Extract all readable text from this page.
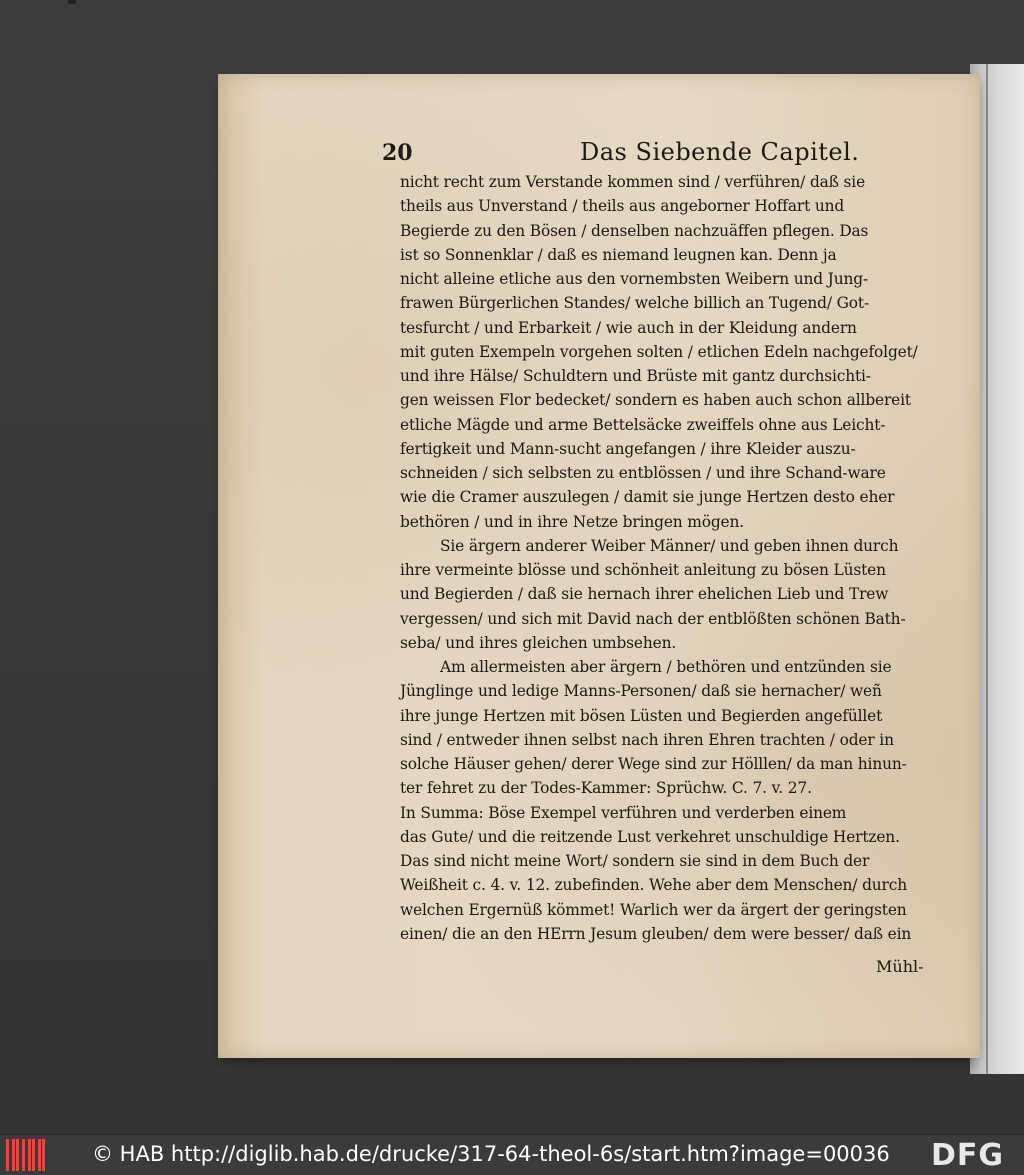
20	Das Siebende Capitel.
nicht recht zum Verstande kommen sind / verführen/ daß sie
theils aus Unverstand / theils aus angeborner Hoffart und
Begierde zu den Bösen / denselben nachzuäffen pflegen. Das
ist so Sonnenklar / daß es niemand leugnen kan. Denn ja
nicht alleine etliche aus den vornembsten Weibern und Jung-
frawen Bürgerlichen Standes/ welche billich an Tugend/ Got-
tesfurcht / und Erbarkeit / wie auch in der Kleidung andern
mit guten Exempeln vorgehen solten / etlichen Edeln nachgefolget/
und ihre Hälse/ Schuldtern und Brüste mit gantz durchsichti-
gen weissen Flor bedecket/ sondern es haben auch schon allbereit
etliche Mägde und arme Bettelsäcke zweiffels ohne aus Leicht-
fertigkeit und Mann-sucht angefangen / ihre Kleider auszu-
schneiden / sich selbsten zu entblössen / und ihre Schand-ware
wie die Cramer auszulegen / damit sie junge Hertzen desto eher
bethören / und in ihre Netze bringen mögen.
Sie ärgern anderer Weiber Männer/ und geben ihnen durch
ihre vermeinte blösse und schönheit anleitung zu bösen Lüsten
und Begierden / daß sie hernach ihrer ehelichen Lieb und Trew
vergessen/ und sich mit David nach der entblößten schönen Bath-
seba/ und ihres gleichen umbsehen.
Am allermeisten aber ärgern / bethören und entzünden sie
Jünglinge und ledige Manns-Personen/ daß sie hernacher/ weñ
ihre junge Hertzen mit bösen Lüsten und Begierden angefüllet
sind / entweder ihnen selbst nach ihren Ehren trachten / oder in
solche Häuser gehen/ derer Wege sind zur Hölllen/ da man hinun-
ter fehret zu der Todes-Kammer: Sprüchw. C. 7. v. 27.
In Summa: Böse Exempel verführen und verderben einem
das Gute/ und die reitzende Lust verkehret unschuldige Hertzen.
Das sind nicht meine Wort/ sondern sie sind in dem Buch der
Weißheit c. 4. v. 12. zubefinden. Wehe aber dem Menschen/ durch
welchen Ergernüß kömmet! Warlich wer da ärgert der geringsten
einen/ die an den HErrn Jesum gleuben/ dem were besser/ daß ein
Mühl-
© HAB http://diglib.hab.de/drucke/317-64-theol-6s/start.htm?image=00036 DFG
